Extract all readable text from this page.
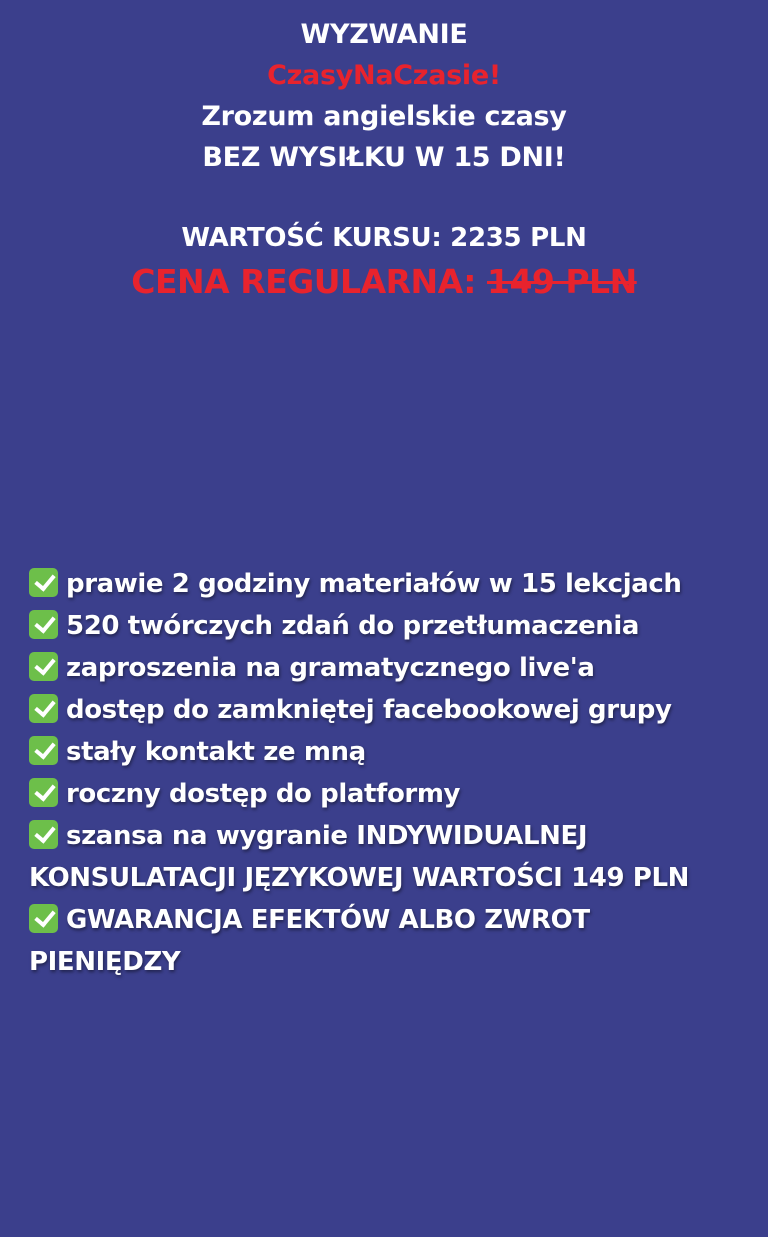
WYZWANIE
CzasyNaCzasie!
Zrozum angielskie czasy
BEZ WYSIŁKU W 15 DNI!
WARTOŚĆ KURSU: 2235 PLN
CENA REGULARNA: 149 PLN
prawie 2 godziny materiałów w 15 lekcjach
520 twórczych zdań do przetłumaczenia
zaproszenia na gramatycznego live'a
dostęp do zamkniętej facebookowej grupy
stały kontakt ze mną
roczny dostęp do platformy
szansa na wygranie INDYWIDUALNEJ KONSULATACJI JĘZYKOWEJ WARTOŚCI 149 PLN
GWARANCJA EFEKTÓW ALBO ZWROT PIENIĘDZY
